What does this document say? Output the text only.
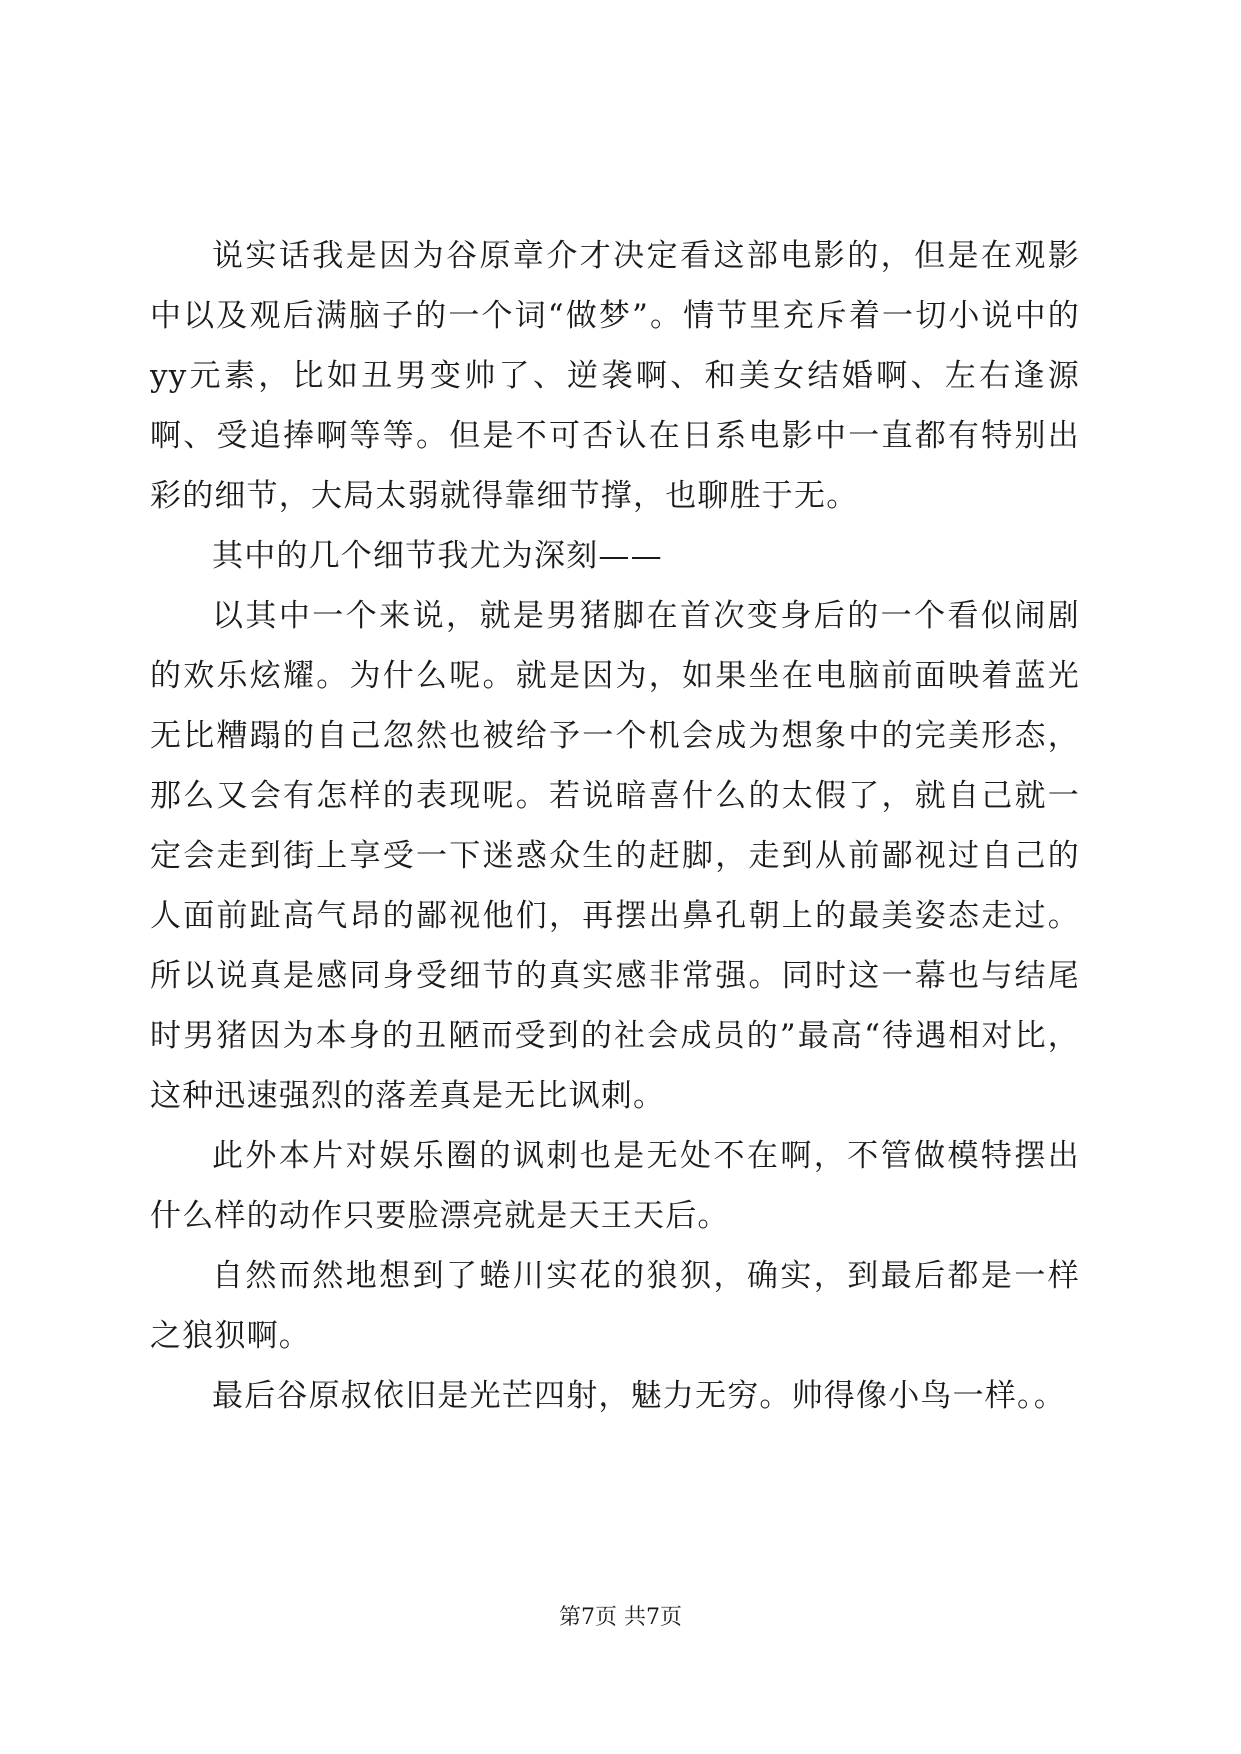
说实话我是因为谷原章介才决定看这部电影的，但是在观影中以及观后满脑子的一个词“做梦”。情节里充斥着一切小说中的yy元素，比如丑男变帅了、逆袭啊、和美女结婚啊、左右逢源啊、受追捧啊等等。但是不可否认在日系电影中一直都有特别出彩的细节，大局太弱就得靠细节撑，也聊胜于无。

其中的几个细节我尤为深刻——

以其中一个来说，就是男猪脚在首次变身后的一个看似闹剧的欢乐炫耀。为什么呢。就是因为，如果坐在电脑前面映着蓝光无比糟蹋的自己忽然也被给予一个机会成为想象中的完美形态，那么又会有怎样的表现呢。若说暗喜什么的太假了，就自己就一定会走到街上享受一下迷惑众生的赶脚，走到从前鄙视过自己的人面前趾高气昂的鄙视他们，再摆出鼻孔朝上的最美姿态走过。所以说真是感同身受细节的真实感非常强。同时这一幕也与结尾时男猪因为本身的丑陋而受到的社会成员的”最高“待遇相对比，这种迅速强烈的落差真是无比讽刺。

此外本片对娱乐圈的讽刺也是无处不在啊，不管做模特摆出什么样的动作只要脸漂亮就是天王天后。

自然而然地想到了蜷川实花的狼狈，确实，到最后都是一样之狼狈啊。

最后谷原叔依旧是光芒四射，魅力无穷。帅得像小鸟一样。。

第7页 共7页
